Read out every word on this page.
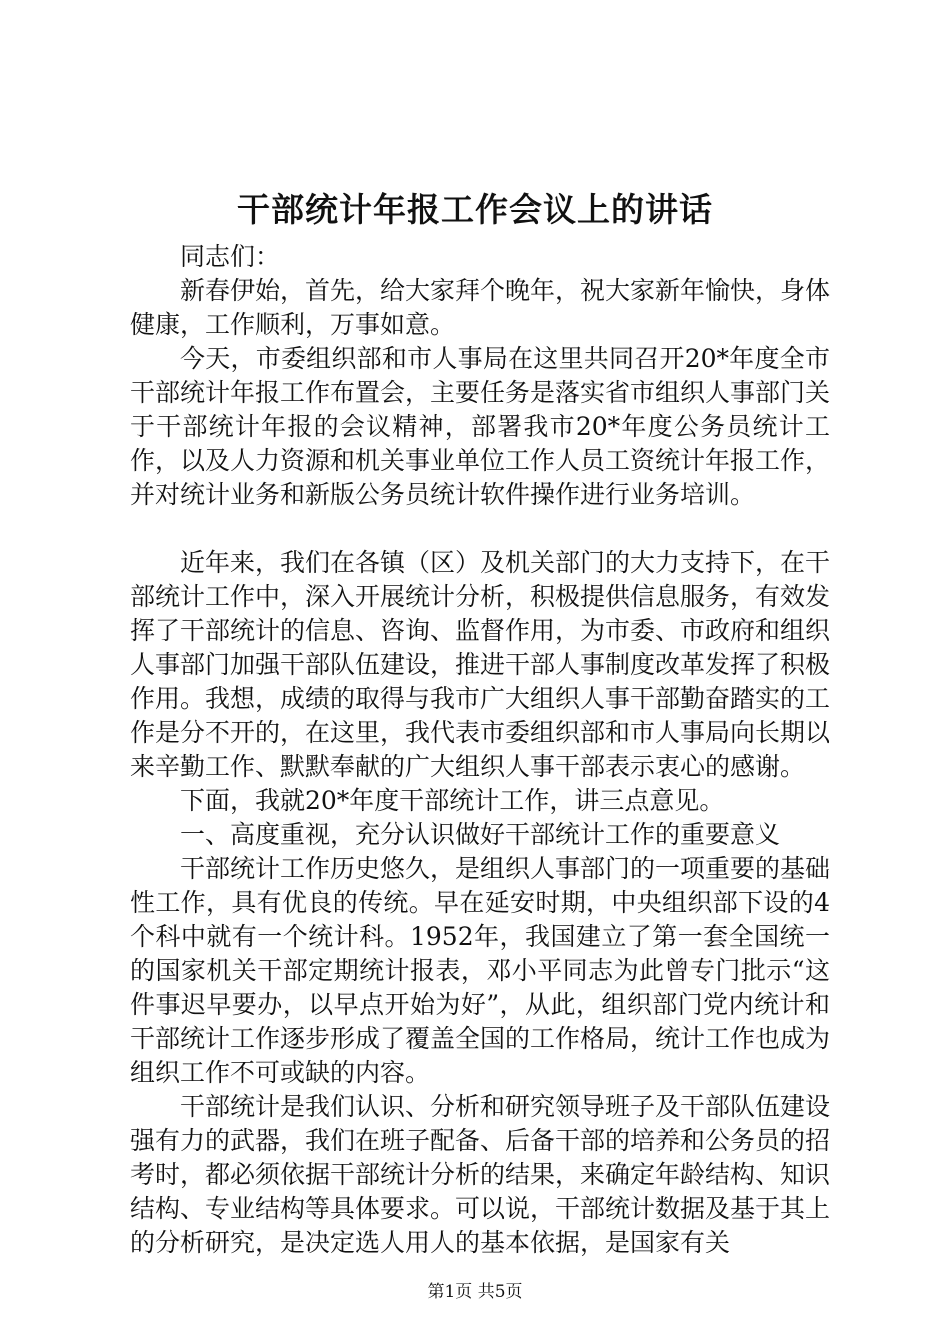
干部统计年报工作会议上的讲话

同志们：

新春伊始，首先，给大家拜个晚年，祝大家新年愉快，身体健康，工作顺利，万事如意。

今天，市委组织部和市人事局在这里共同召开20*年度全市干部统计年报工作布置会，主要任务是落实省市组织人事部门关于干部统计年报的会议精神，部署我市20*年度公务员统计工作，以及人力资源和机关事业单位工作人员工资统计年报工作，并对统计业务和新版公务员统计软件操作进行业务培训。

近年来，我们在各镇（区）及机关部门的大力支持下，在干部统计工作中，深入开展统计分析，积极提供信息服务，有效发挥了干部统计的信息、咨询、监督作用，为市委、市政府和组织人事部门加强干部队伍建设，推进干部人事制度改革发挥了积极作用。我想，成绩的取得与我市广大组织人事干部勤奋踏实的工作是分不开的，在这里，我代表市委组织部和市人事局向长期以来辛勤工作、默默奉献的广大组织人事干部表示衷心的感谢。

下面，我就20*年度干部统计工作，讲三点意见。

一、高度重视，充分认识做好干部统计工作的重要意义

干部统计工作历史悠久，是组织人事部门的一项重要的基础性工作，具有优良的传统。早在延安时期，中央组织部下设的4个科中就有一个统计科。1952年，我国建立了第一套全国统一的国家机关干部定期统计报表，邓小平同志为此曾专门批示“这件事迟早要办，以早点开始为好”，从此，组织部门党内统计和干部统计工作逐步形成了覆盖全国的工作格局，统计工作也成为组织工作不可或缺的内容。

干部统计是我们认识、分析和研究领导班子及干部队伍建设强有力的武器，我们在班子配备、后备干部的培养和公务员的招考时，都必须依据干部统计分析的结果，来确定年龄结构、知识结构、专业结构等具体要求。可以说，干部统计数据及基于其上的分析研究，是决定选人用人的基本依据，是国家有关

第1页 共5页
